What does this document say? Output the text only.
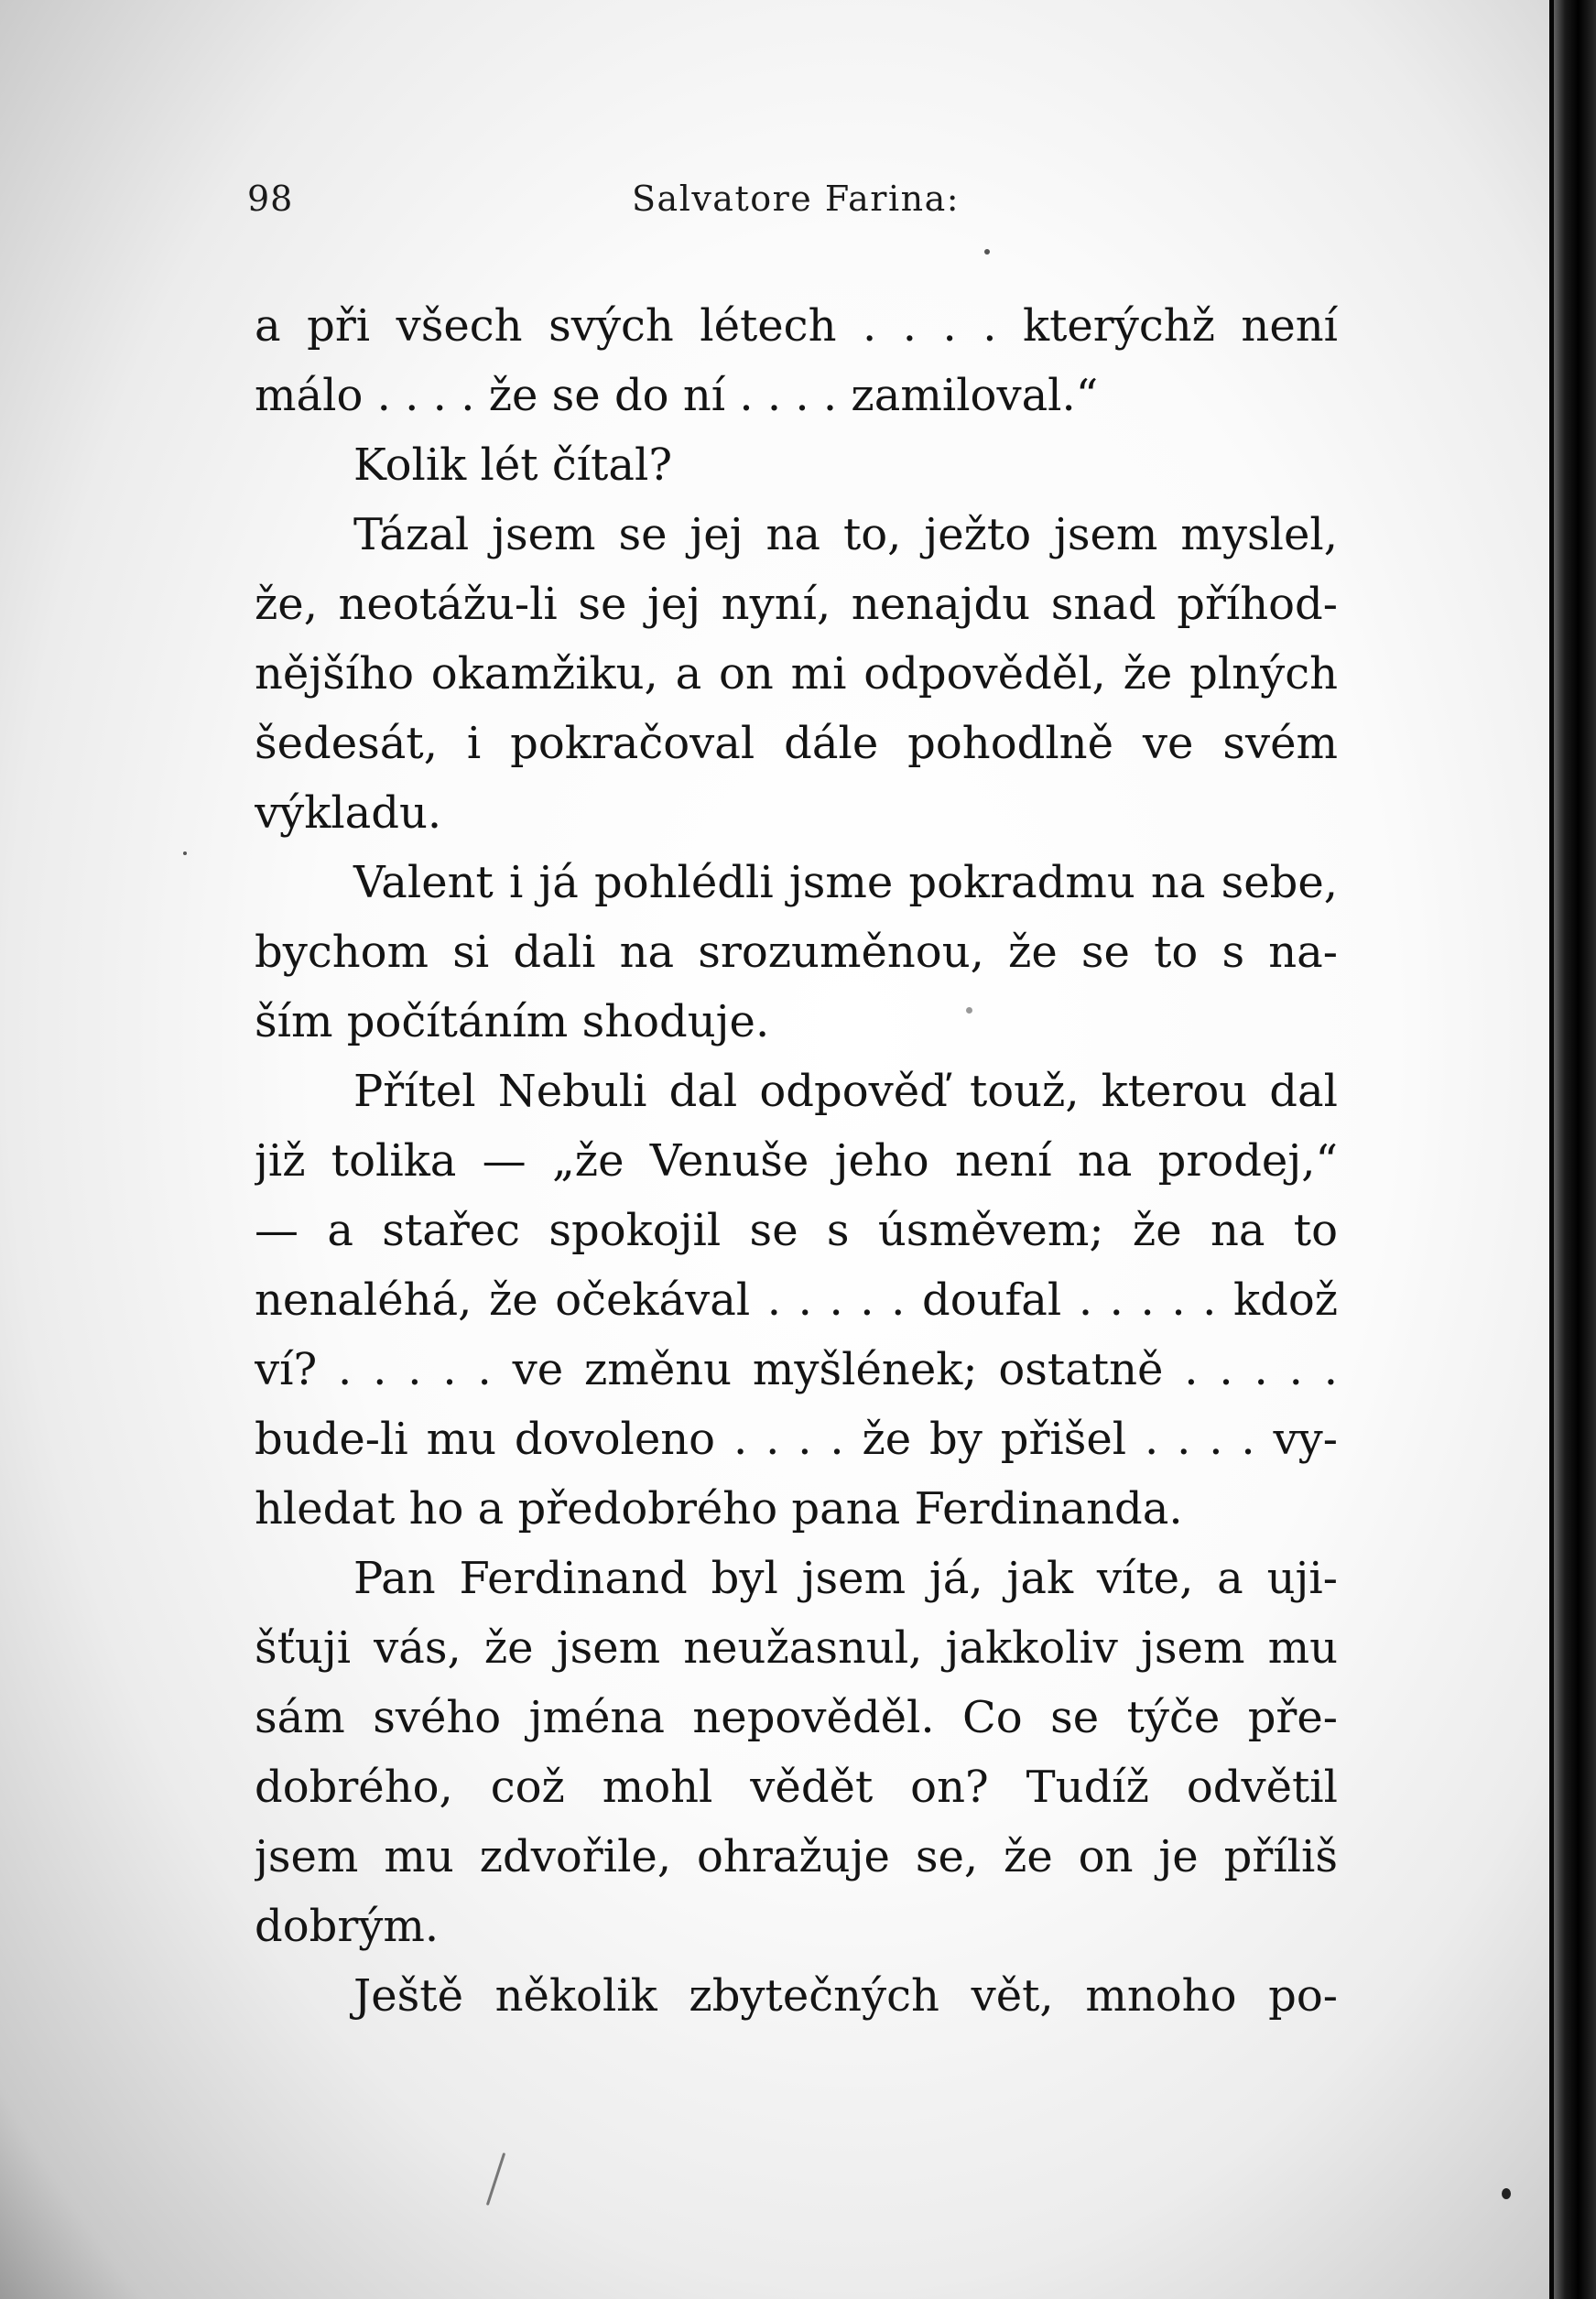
98	Salvatore Farina:
a při všech svých létech . . . . kterýchž není
málo . . . . že se do ní . . . . zamiloval.“
Kolik lét čítal?
Tázal jsem se jej na to, ježto jsem myslel,
že, neotážu-li se jej nyní, nenajdu snad příhod-
nějšího okamžiku, a on mi odpověděl, že plných
šedesát, i pokračoval dále pohodlně ve svém
výkladu.
Valent i já pohlédli jsme pokradmu na sebe,
bychom si dali na srozuměnou, že se to s na-
ším počítáním shoduje.
Přítel Nebuli dal odpověď touž, kterou dal
již tolika — „že Venuše jeho není na prodej,“
— a stařec spokojil se s úsměvem; že na to
nenaléhá, že očekával . . . . . doufal . . . . . kdož
ví? . . . . . ve změnu myšlének; ostatně . . . . .
bude-li mu dovoleno . . . . že by přišel . . . . vy-
hledat ho a předobrého pana Ferdinanda.
Pan Ferdinand byl jsem já, jak víte, a uji-
šťuji vás, že jsem neužasnul, jakkoliv jsem mu
sám svého jména nepověděl. Co se týče pře-
dobrého, což mohl vědět on? Tudíž odvětil
jsem mu zdvořile, ohražuje se, že on je příliš
dobrým.
Ještě několik zbytečných vět, mnoho po-
